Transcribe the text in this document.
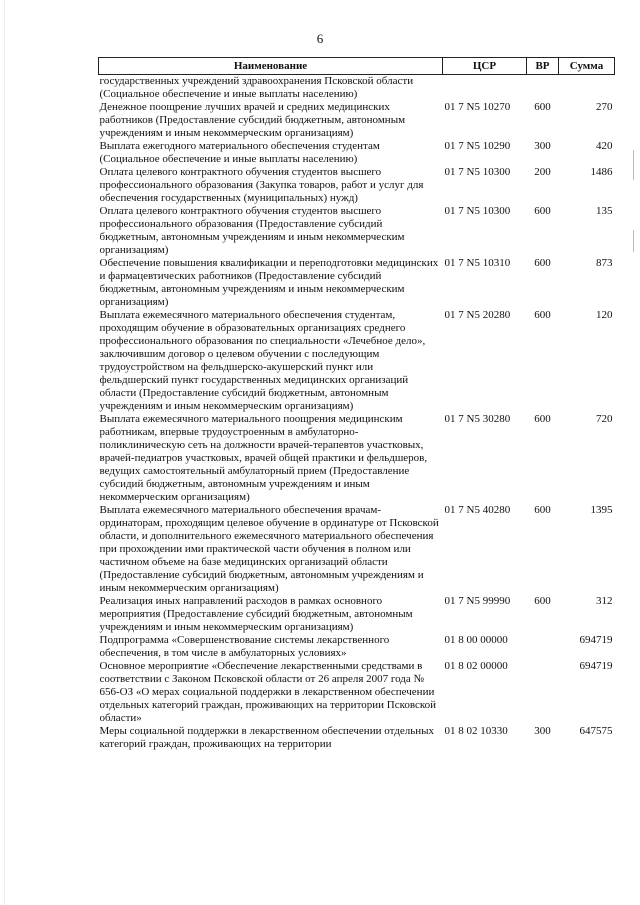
6
Наименование	ЦСР	ВР	Сумма
государственных учреждений здравоохранения Псковской области (Социальное обеспечение и иные выплаты населению)			
Денежное поощрение лучших врачей и средних медицинских работников (Предоставление субсидий бюджетным, автономным учреждениям и иным некоммерческим организациям)	01 7 N5 10270	600	270
Выплата ежегодного материального обеспечения студентам (Социальное обеспечение и иные выплаты населению)	01 7 N5 10290	300	420
Оплата целевого контрактного обучения студентов высшего профессионального образования (Закупка товаров, работ и услуг для обеспечения государственных (муниципальных) нужд)	01 7 N5 10300	200	1486
Оплата целевого контрактного обучения студентов высшего профессионального образования (Предоставление субсидий бюджетным, автономным учреждениям и иным некоммерческим организациям)	01 7 N5 10300	600	135
Обеспечение повышения квалификации и переподготовки медицинских и фармацевтических работников (Предоставление субсидий бюджетным, автономным учреждениям и иным некоммерческим организациям)	01 7 N5 10310	600	873
Выплата ежемесячного материального обеспечения студентам, проходящим обучение в образовательных организациях среднего профессионального образования по специальности «Лечебное дело», заключившим договор о целевом обучении с последующим трудоустройством на фельдшерско-акушерский пункт или фельдшерский пункт государственных медицинских организаций области (Предоставление субсидий бюджетным, автономным учреждениям и иным некоммерческим организациям)	01 7 N5 20280	600	120
Выплата ежемесячного материального поощрения медицинским работникам, впервые трудоустроенным в амбулаторно-поликлиническую сеть на должности врачей-терапевтов участковых, врачей-педиатров участковых, врачей общей практики и фельдшеров, ведущих самостоятельный амбулаторный прием (Предоставление субсидий бюджетным, автономным учреждениям и иным некоммерческим организациям)	01 7 N5 30280	600	720
Выплата ежемесячного материального обеспечения врачам-ординаторам, проходящим целевое обучение в ординатуре от Псковской области, и дополнительного ежемесячного материального обеспечения при прохождении ими практической части обучения в полном или частичном объеме на базе медицинских организаций области (Предоставление субсидий бюджетным, автономным учреждениям и иным некоммерческим организациям)	01 7 N5 40280	600	1395
Реализация иных направлений расходов в рамках основного мероприятия (Предоставление субсидий бюджетным, автономным учреждениям и иным некоммерческим организациям)	01 7 N5 99990	600	312
Подпрограмма «Совершенствование системы лекарственного обеспечения, в том числе в амбулаторных условиях»	01 8 00 00000		694719
Основное мероприятие «Обеспечение лекарственными средствами в соответствии с Законом Псковской области от 26 апреля 2007 года № 656-ОЗ «О мерах социальной поддержки в лекарственном обеспечении отдельных категорий граждан, проживающих на территории Псковской области»	01 8 02 00000		694719
Меры социальной поддержки в лекарственном обеспечении отдельных категорий граждан, проживающих на территории	01 8 02 10330	300	647575
